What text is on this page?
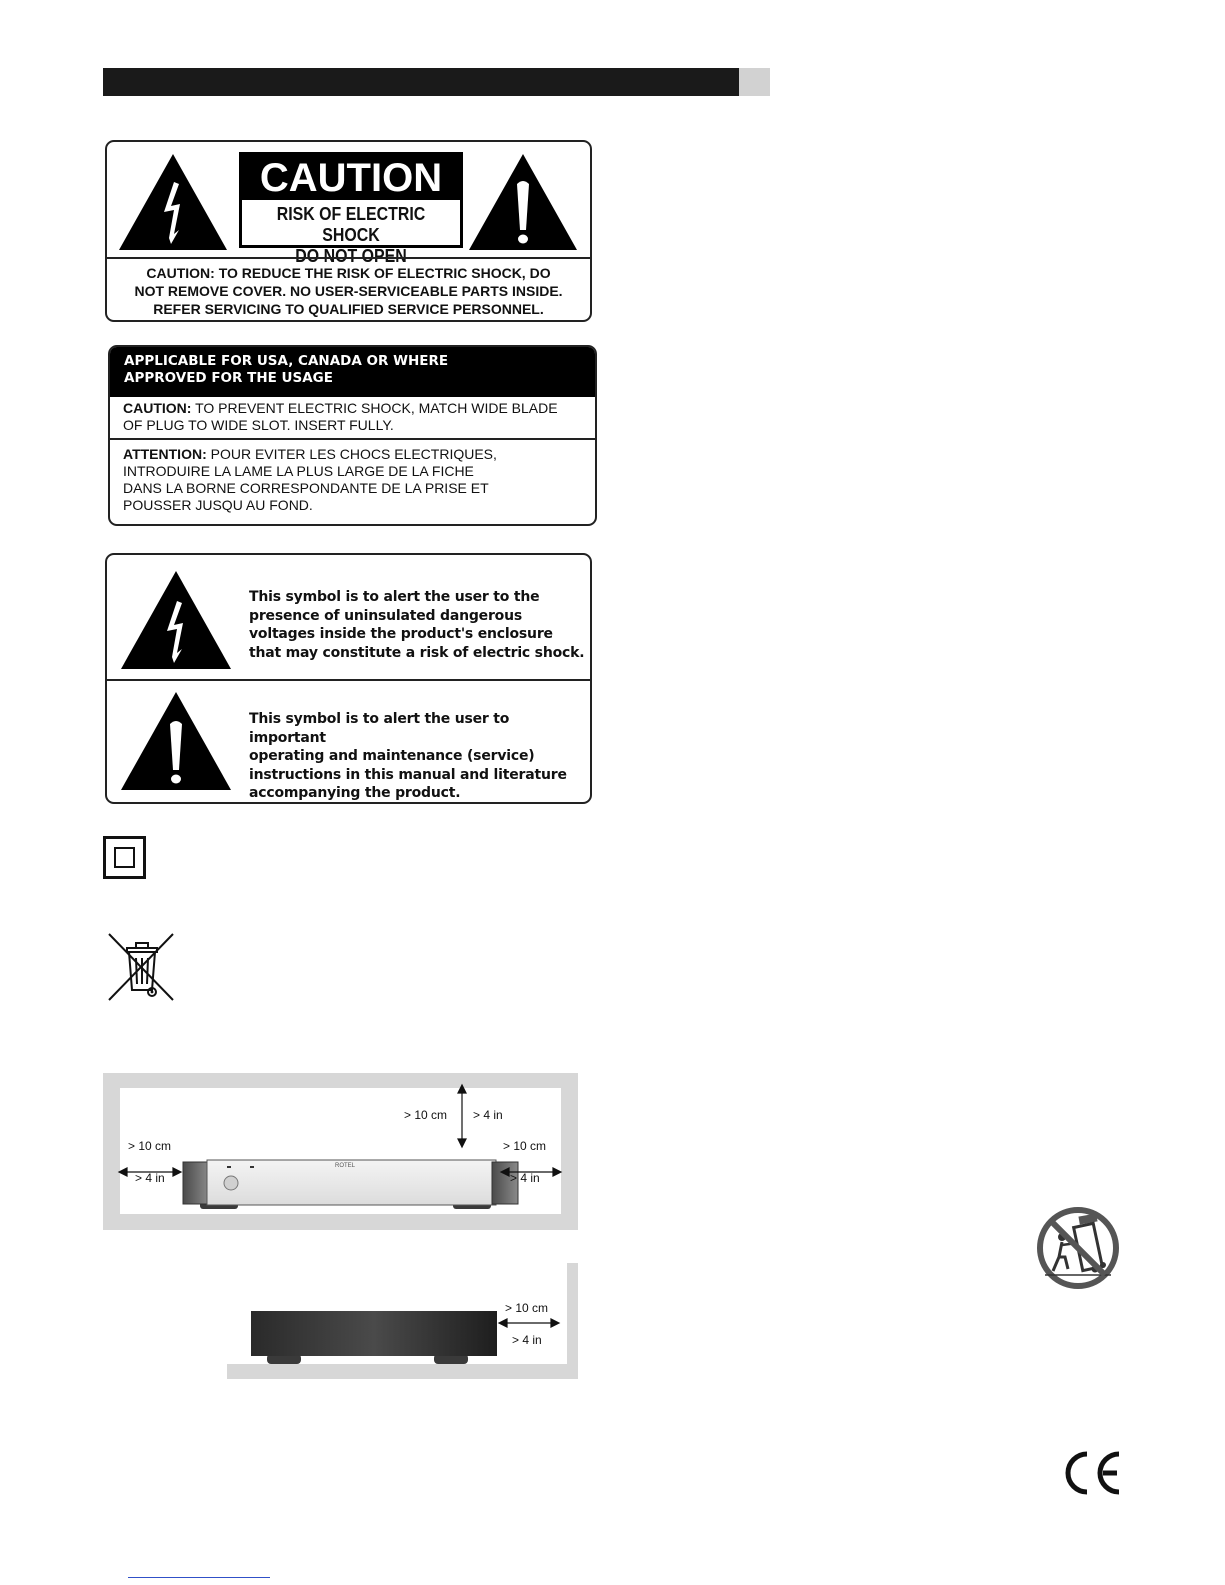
CAUTION
RISK OF ELECTRIC SHOCK
DO NOT OPEN
CAUTION: TO REDUCE THE RISK OF ELECTRIC SHOCK, DO
NOT REMOVE COVER. NO USER-SERVICEABLE PARTS INSIDE.
REFER SERVICING TO QUALIFIED SERVICE PERSONNEL.
APPLICABLE FOR USA, CANADA OR WHERE
APPROVED FOR THE USAGE
CAUTION: TO PREVENT ELECTRIC SHOCK, MATCH WIDE BLADE
OF PLUG TO WIDE SLOT. INSERT FULLY.
ATTENTION: POUR EVITER LES CHOCS ELECTRIQUES,
INTRODUIRE LA LAME LA PLUS LARGE DE LA FICHE
DANS LA BORNE CORRESPONDANTE DE LA PRISE ET
POUSSER JUSQU AU FOND.
This symbol is to alert the user to the
presence of uninsulated dangerous
voltages inside the product's enclosure
that may constitute a risk of electric shock.
This symbol is to alert the user to important
operating and maintenance (service)
instructions in this manual and literature
accompanying the product.
ROTEL
> 10 cm > 4 in
> 10 cm
> 4 in
> 10 cm
> 4 in
> 10 cm
> 4 in
